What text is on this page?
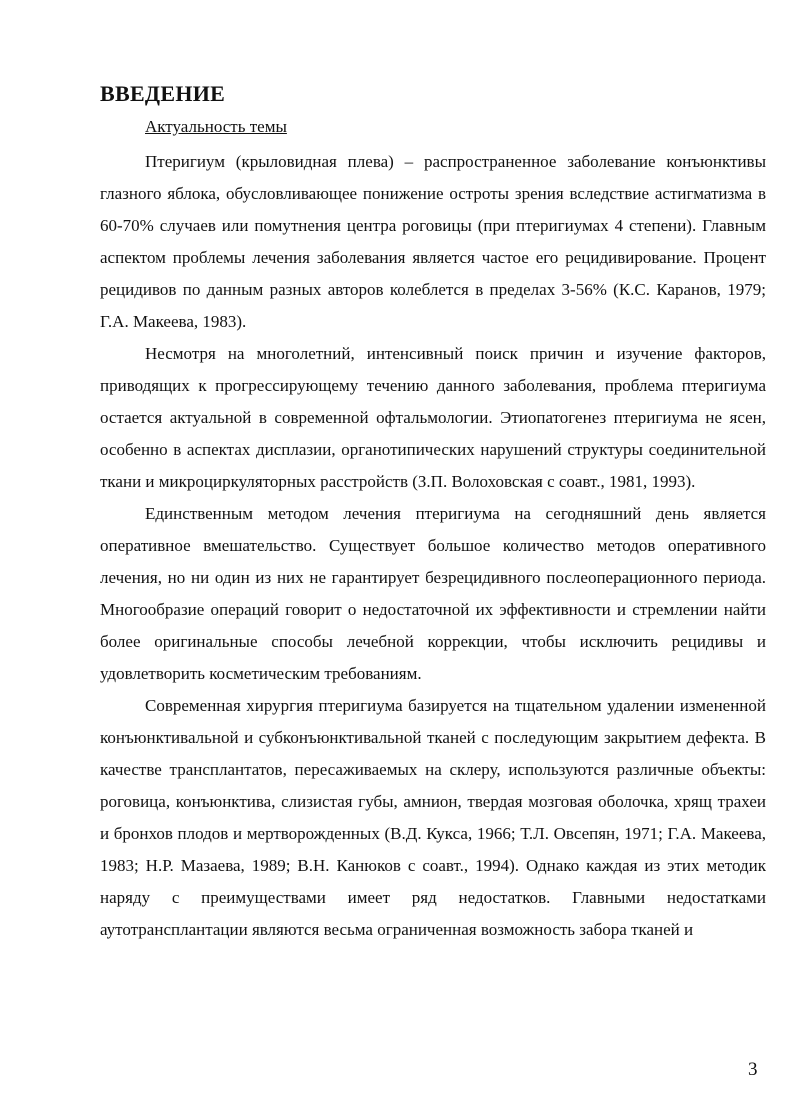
ВВЕДЕНИЕ
Актуальность темы

Птеригиум (крыловидная плева) – распространенное заболевание конъюнктивы глазного яблока, обусловливающее понижение остроты зрения вследствие астигматизма в 60-70% случаев или помутнения центра роговицы (при птеригиумах 4 степени). Главным аспектом проблемы лечения заболевания является частое его рецидивирование. Процент рецидивов по данным разных авторов колеблется в пределах 3-56% (К.С. Каранов, 1979; Г.А. Макеева, 1983).

Несмотря на многолетний, интенсивный поиск причин и изучение факторов, приводящих к прогрессирующему течению данного заболевания, проблема птеригиума остается актуальной в современной офтальмологии. Этиопатогенез птеригиума не ясен, особенно в аспектах дисплазии, органотипических нарушений структуры соединительной ткани и микроциркуляторных расстройств (З.П. Волоховская с соавт., 1981, 1993).

Единственным методом лечения птеригиума на сегодняшний день является оперативное вмешательство. Существует большое количество методов оперативного лечения, но ни один из них не гарантирует безрецидивного послеоперационного периода. Многообразие операций говорит о недостаточной их эффективности и стремлении найти более оригинальные способы лечебной коррекции, чтобы исключить рецидивы и удовлетворить косметическим требованиям.

Современная хирургия птеригиума базируется на тщательном удалении измененной конъюнктивальной и субконъюнктивальной тканей с последующим закрытием дефекта. В качестве трансплантатов, пересаживаемых на склеру, используются различные объекты: роговица, конъюнктива, слизистая губы, амнион, твердая мозговая оболочка, хрящ трахеи и бронхов плодов и мертворожденных (В.Д. Кукса, 1966; Т.Л. Овсепян, 1971; Г.А. Макеева, 1983; Н.Р. Мазаева, 1989; В.Н. Канюков с соавт., 1994). Однако каждая из этих методик наряду с преимуществами имеет ряд недостатков. Главными недостатками аутотрансплантации являются весьма ограниченная возможность забора тканей и

3
